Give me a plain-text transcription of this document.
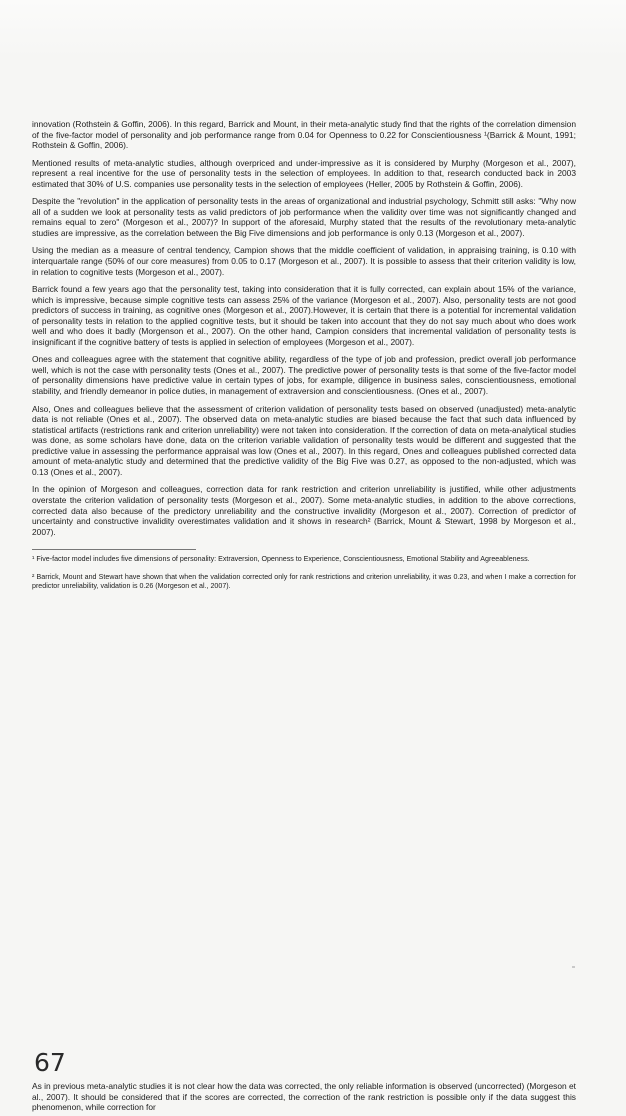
innovation (Rothstein & Goffin, 2006). In this regard, Barrick and Mount, in their meta-analytic study find that the rights of the correlation dimension of the five-factor model of personality and job performance range from 0.04 for Openness to 0.22 for Conscientiousness ¹(Barrick & Mount, 1991; Rothstein & Goffin, 2006).

Mentioned results of meta-analytic studies, although overpriced and under-impressive as it is considered by Murphy (Morgeson et al., 2007), represent a real incentive for the use of personality tests in the selection of employees. In addition to that, research conducted back in 2003 estimated that 30% of U.S. companies use personality tests in the selection of employees (Heller, 2005 by Rothstein & Goffin, 2006).

Despite the "revolution" in the application of personality tests in the areas of organizational and industrial psychology, Schmitt still asks: "Why now all of a sudden we look at personality tests as valid predictors of job performance when the validity over time was not significantly changed and remains equal to zero" (Morgeson et al., 2007)? In support of the aforesaid, Murphy stated that the results of the revolutionary meta-analytic studies are impressive, as the correlation between the Big Five dimensions and job performance is only 0.13 (Morgeson et al., 2007).

Using the median as a measure of central tendency, Campion shows that the middle coefficient of validation, in appraising training, is 0.10 with interquartale range (50% of our core measures) from 0.05 to 0.17 (Morgeson et al., 2007). It is possible to assess that their criterion validity is low, in relation to cognitive tests (Morgeson et al., 2007).

Barrick found a few years ago that the personality test, taking into consideration that it is fully corrected, can explain about 15% of the variance, which is impressive, because simple cognitive tests can assess 25% of the variance (Morgeson et al., 2007). Also, personality tests are not good predictors of success in training, as cognitive ones (Morgeson et al., 2007).However, it is certain that there is a potential for incremental validation of personality tests in relation to the applied cognitive tests, but it should be taken into account that they do not say much about who does work well and who does it badly (Morgenson et al., 2007). On the other hand, Campion considers that incremental validation of personality tests is insignificant if the cognitive battery of tests is applied in selection of employees (Morgeson et al., 2007).

Ones and colleagues agree with the statement that cognitive ability, regardless of the type of job and profession, predict overall job performance well, which is not the case with personality tests (Ones et al., 2007). The predictive power of personality tests is that some of the five-factor model of personality dimensions have predictive value in certain types of jobs, for example, diligence in business sales, conscientiousness, emotional stability, and friendly demeanor in police duties, in management of extraversion and conscientiousness. (Ones et al., 2007).

Also, Ones and colleagues believe that the assessment of criterion validation of personality tests based on observed (unadjusted) meta-analytic data is not reliable (Ones et al., 2007). The observed data on meta-analytic studies are biased because the fact that such data influenced by statistical artifacts (restrictions rank and criterion unreliability) were not taken into consideration. If the correction of data on meta-analytical studies was done, as some scholars have done, data on the criterion variable validation of personality tests would be different and suggested that the predictive value in assessing the performance appraisal was low (Ones et al., 2007). In this regard, Ones and colleagues published corrected data amount of meta-analytic study and determined that the predictive validity of the Big Five was 0.27, as opposed to the non-adjusted, which was 0.13 (Ones et al., 2007).

In the opinion of Morgeson and colleagues, correction data for rank restriction and criterion unreliability is justified, while other adjustments overstate the criterion validation of personality tests (Morgeson et al., 2007). Some meta-analytic studies, in addition to the above corrections, corrected data also because of the predictory unreliability and the constructive invalidity (Morgeson et al., 2007). Correction of predictor of uncertainty and constructive invalidity overestimates validation and it shows in research² (Barrick, Mount & Stewart, 1998 by Morgeson et al., 2007).

¹ Five-factor model includes five dimensions of personality: Extraversion, Openness to Experience, Conscientiousness, Emotional Stability and Agreeableness.

² Barrick, Mount and Stewart have shown that when the validation corrected only for rank restrictions and criterion unreliability, it was 0.23, and when I make a correction for predictor unreliability, validation is 0.26 (Morgeson et al., 2007).

67

As in previous meta-analytic studies it is not clear how the data was corrected, the only reliable information is observed (uncorrected) (Morgeson et al., 2007). It should be considered that if the scores are corrected, the correction of the rank restriction is possible only if the data suggest this phenomenon, while correction for
